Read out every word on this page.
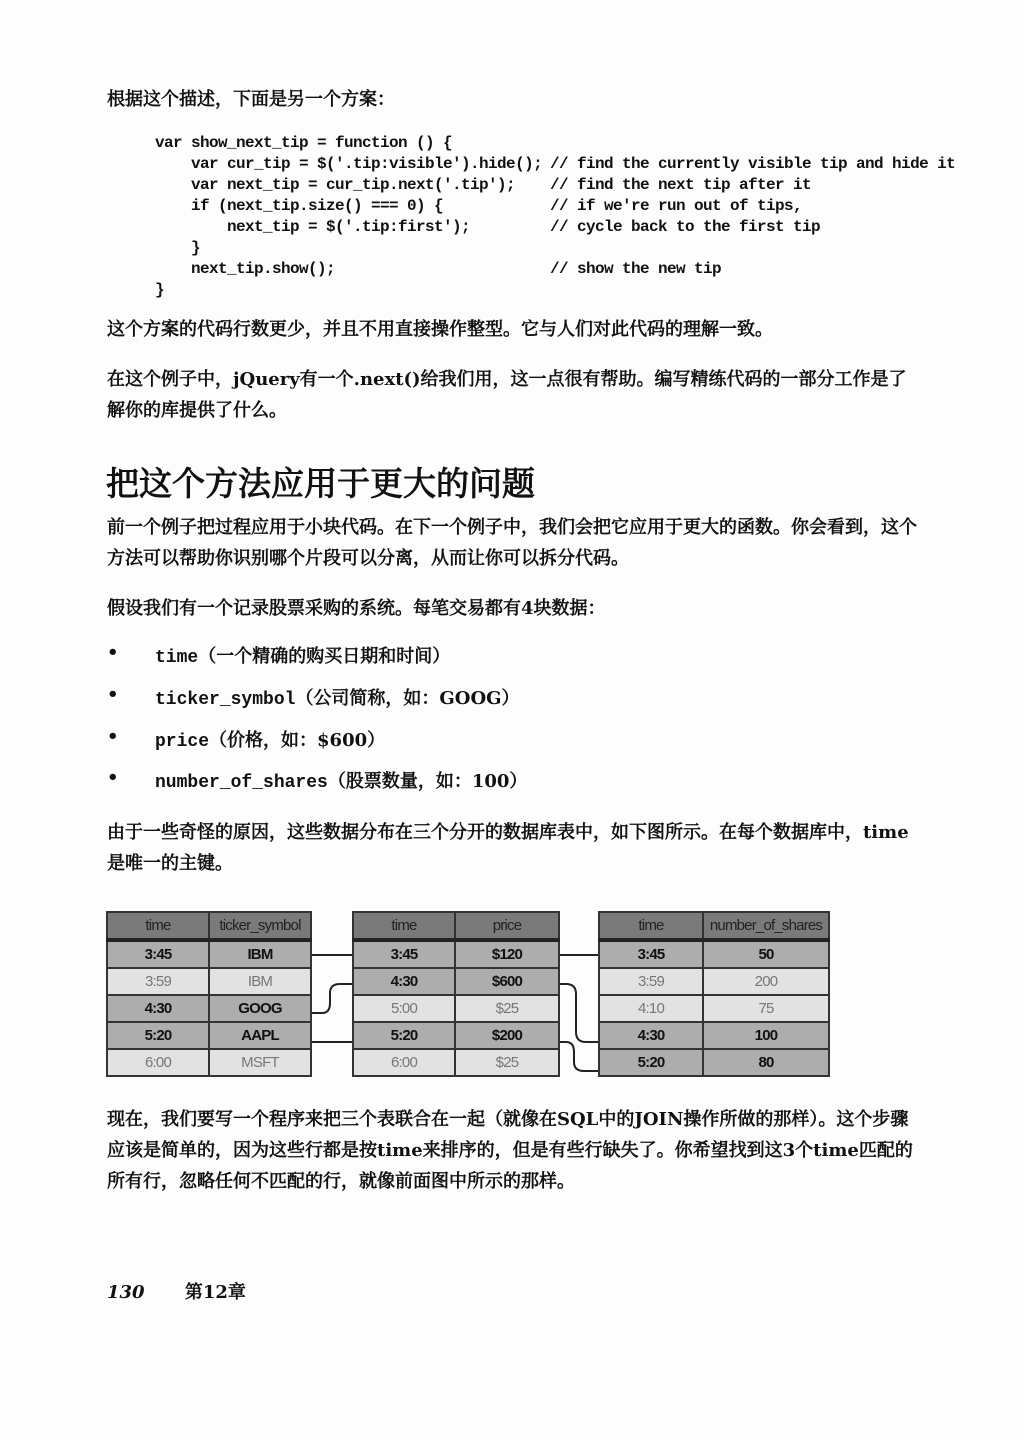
根据这个描述，下面是另一个方案：

var show_next_tip = function () {
var cur_tip = $('.tip:visible').hide(); // find the currently visible tip and hide it
var next_tip = cur_tip.next('.tip'); // find the next tip after it
if (next_tip.size() === 0) {	// if we're run out of tips,
next_tip = $('.tip:first');	// cycle back to the first tip
}
next_tip.show();	// show the new tip
}

这个方案的代码行数更少，并且不用直接操作整型。它与人们对此代码的理解一致。

在这个例子中，jQuery有一个.next()给我们用，这一点很有帮助。编写精练代码的一部分工作是了解你的库提供了什么。

把这个方法应用于更大的问题

前一个例子把过程应用于小块代码。在下一个例子中，我们会把它应用于更大的函数。你会看到，这个方法可以帮助你识别哪个片段可以分离，从而让你可以拆分代码。

假设我们有一个记录股票采购的系统。每笔交易都有4块数据：

• time（一个精确的购买日期和时间）
• ticker_symbol（公司简称，如：GOOG）
• price（价格，如：$600）
• number_of_shares（股票数量，如：100）

由于一些奇怪的原因，这些数据分布在三个分开的数据库表中，如下图所示。在每个数据库中，time是唯一的主键。

time	ticker_symbol
3:45	IBM
3:59	IBM
4:30	GOOG
5:20	AAPL
6:00	MSFT
time	price
3:45	$120
4:30	$600
5:00	$25
5:20	$200
6:00	$25
time	number_of_shares
3:45	50
3:59	200
4:10	75
4:30	100
5:20	80

现在，我们要写一个程序来把三个表联合在一起（就像在SQL中的JOIN操作所做的那样）。这个步骤应该是简单的，因为这些行都是按time来排序的，但是有些行缺失了。你希望找到这3个time匹配的所有行，忽略任何不匹配的行，就像前面图中所示的那样。

130 第12章
